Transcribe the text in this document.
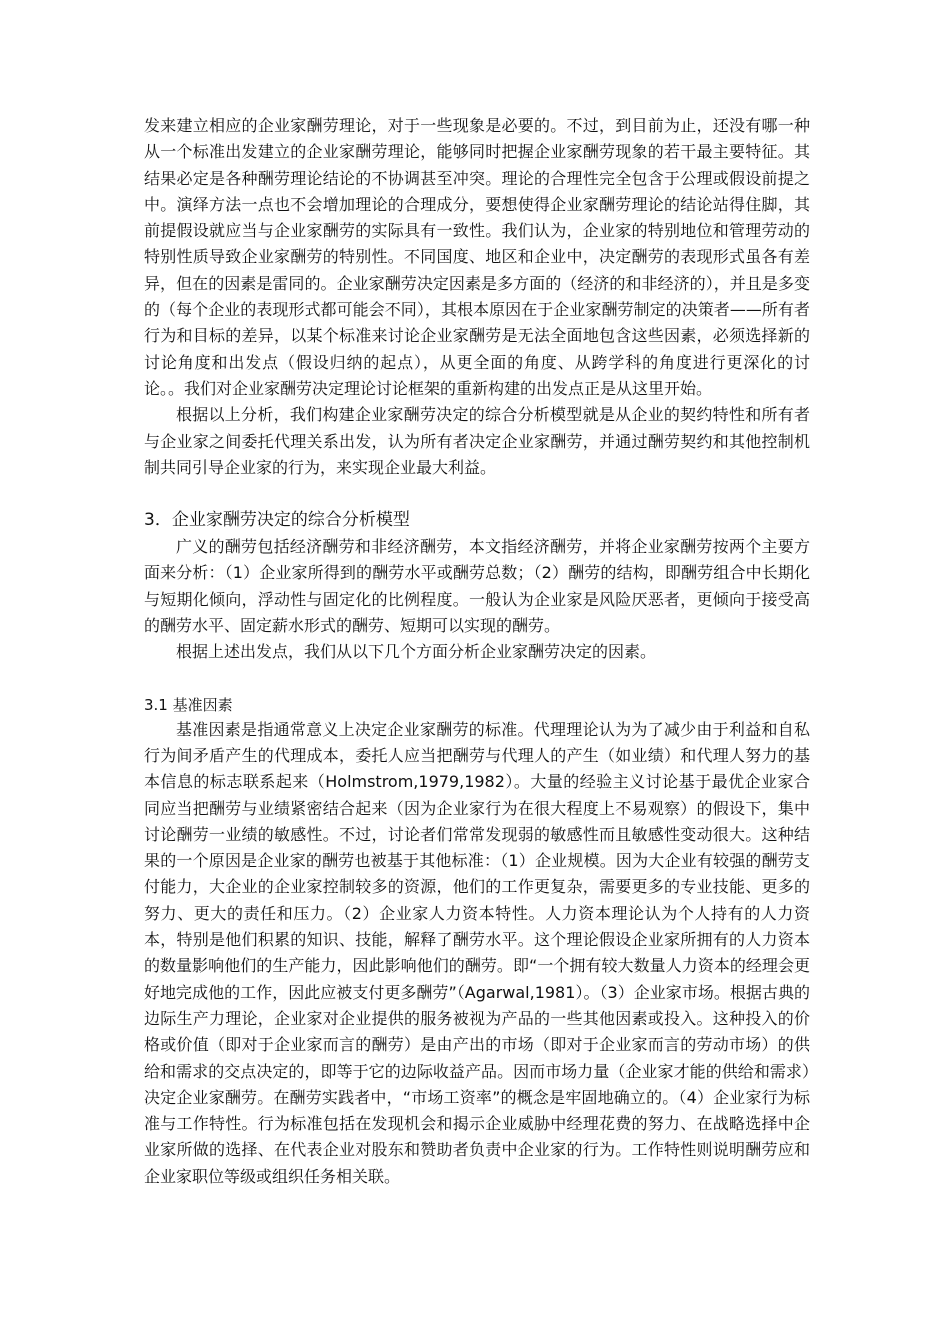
发来建立相应的企业家酬劳理论，对于一些现象是必要的。不过，到目前为止，还没有哪一种从一个标准出发建立的企业家酬劳理论，能够同时把握企业家酬劳现象的若干最主要特征。其结果必定是各种酬劳理论结论的不协调甚至冲突。理论的合理性完全包含于公理或假设前提之中。演绎方法一点也不会增加理论的合理成分，要想使得企业家酬劳理论的结论站得住脚，其前提假设就应当与企业家酬劳的实际具有一致性。我们认为，企业家的特别地位和管理劳动的特别性质导致企业家酬劳的特别性。不同国度、地区和企业中，决定酬劳的表现形式虽各有差异，但在的因素是雷同的。企业家酬劳决定因素是多方面的（经济的和非经济的），并且是多变的（每个企业的表现形式都可能会不同），其根本原因在于企业家酬劳制定的决策者——所有者行为和目标的差异，以某个标准来讨论企业家酬劳是无法全面地包含这些因素，必须选择新的讨论角度和出发点（假设归纳的起点），从更全面的角度、从跨学科的角度进行更深化的讨论。。我们对企业家酬劳决定理论讨论框架的重新构建的出发点正是从这里开始。

根据以上分析，我们构建企业家酬劳决定的综合分析模型就是从企业的契约特性和所有者与企业家之间委托代理关系出发，认为所有者决定企业家酬劳，并通过酬劳契约和其他控制机制共同引导企业家的行为，来实现企业最大利益。

3．企业家酬劳决定的综合分析模型

广义的酬劳包括经济酬劳和非经济酬劳，本文指经济酬劳，并将企业家酬劳按两个主要方面来分析：（1）企业家所得到的酬劳水平或酬劳总数；（2）酬劳的结构，即酬劳组合中长期化与短期化倾向，浮动性与固定化的比例程度。一般认为企业家是风险厌恶者，更倾向于接受高的酬劳水平、固定薪水形式的酬劳、短期可以实现的酬劳。

根据上述出发点，我们从以下几个方面分析企业家酬劳决定的因素。

3.1 基准因素

基准因素是指通常意义上决定企业家酬劳的标准。代理理论认为为了减少由于利益和自私行为间矛盾产生的代理成本，委托人应当把酬劳与代理人的产生（如业绩）和代理人努力的基本信息的标志联系起来（Holmstrom,1979,1982）。大量的经验主义讨论基于最优企业家合同应当把酬劳与业绩紧密结合起来（因为企业家行为在很大程度上不易观察）的假设下，集中讨论酬劳一业绩的敏感性。不过，讨论者们常常发现弱的敏感性而且敏感性变动很大。这种结果的一个原因是企业家的酬劳也被基于其他标准：（1）企业规模。因为大企业有较强的酬劳支付能力，大企业的企业家控制较多的资源，他们的工作更复杂，需要更多的专业技能、更多的努力、更大的责任和压力。（2）企业家人力资本特性。人力资本理论认为个人持有的人力资本，特别是他们积累的知识、技能，解释了酬劳水平。这个理论假设企业家所拥有的人力资本的数量影响他们的生产能力，因此影响他们的酬劳。即“一个拥有较大数量人力资本的经理会更好地完成他的工作，因此应被支付更多酬劳”（Agarwal,1981）。（3）企业家市场。根据古典的边际生产力理论，企业家对企业提供的服务被视为产品的一些其他因素或投入。这种投入的价格或价值（即对于企业家而言的酬劳）是由产出的市场（即对于企业家而言的劳动市场）的供给和需求的交点决定的，即等于它的边际收益产品。因而市场力量（企业家才能的供给和需求）决定企业家酬劳。在酬劳实践者中，“市场工资率”的概念是牢固地确立的。（4）企业家行为标准与工作特性。行为标准包括在发现机会和揭示企业威胁中经理花费的努力、在战略选择中企业家所做的选择、在代表企业对股东和赞助者负责中企业家的行为。工作特性则说明酬劳应和企业家职位等级或组织任务相关联。
